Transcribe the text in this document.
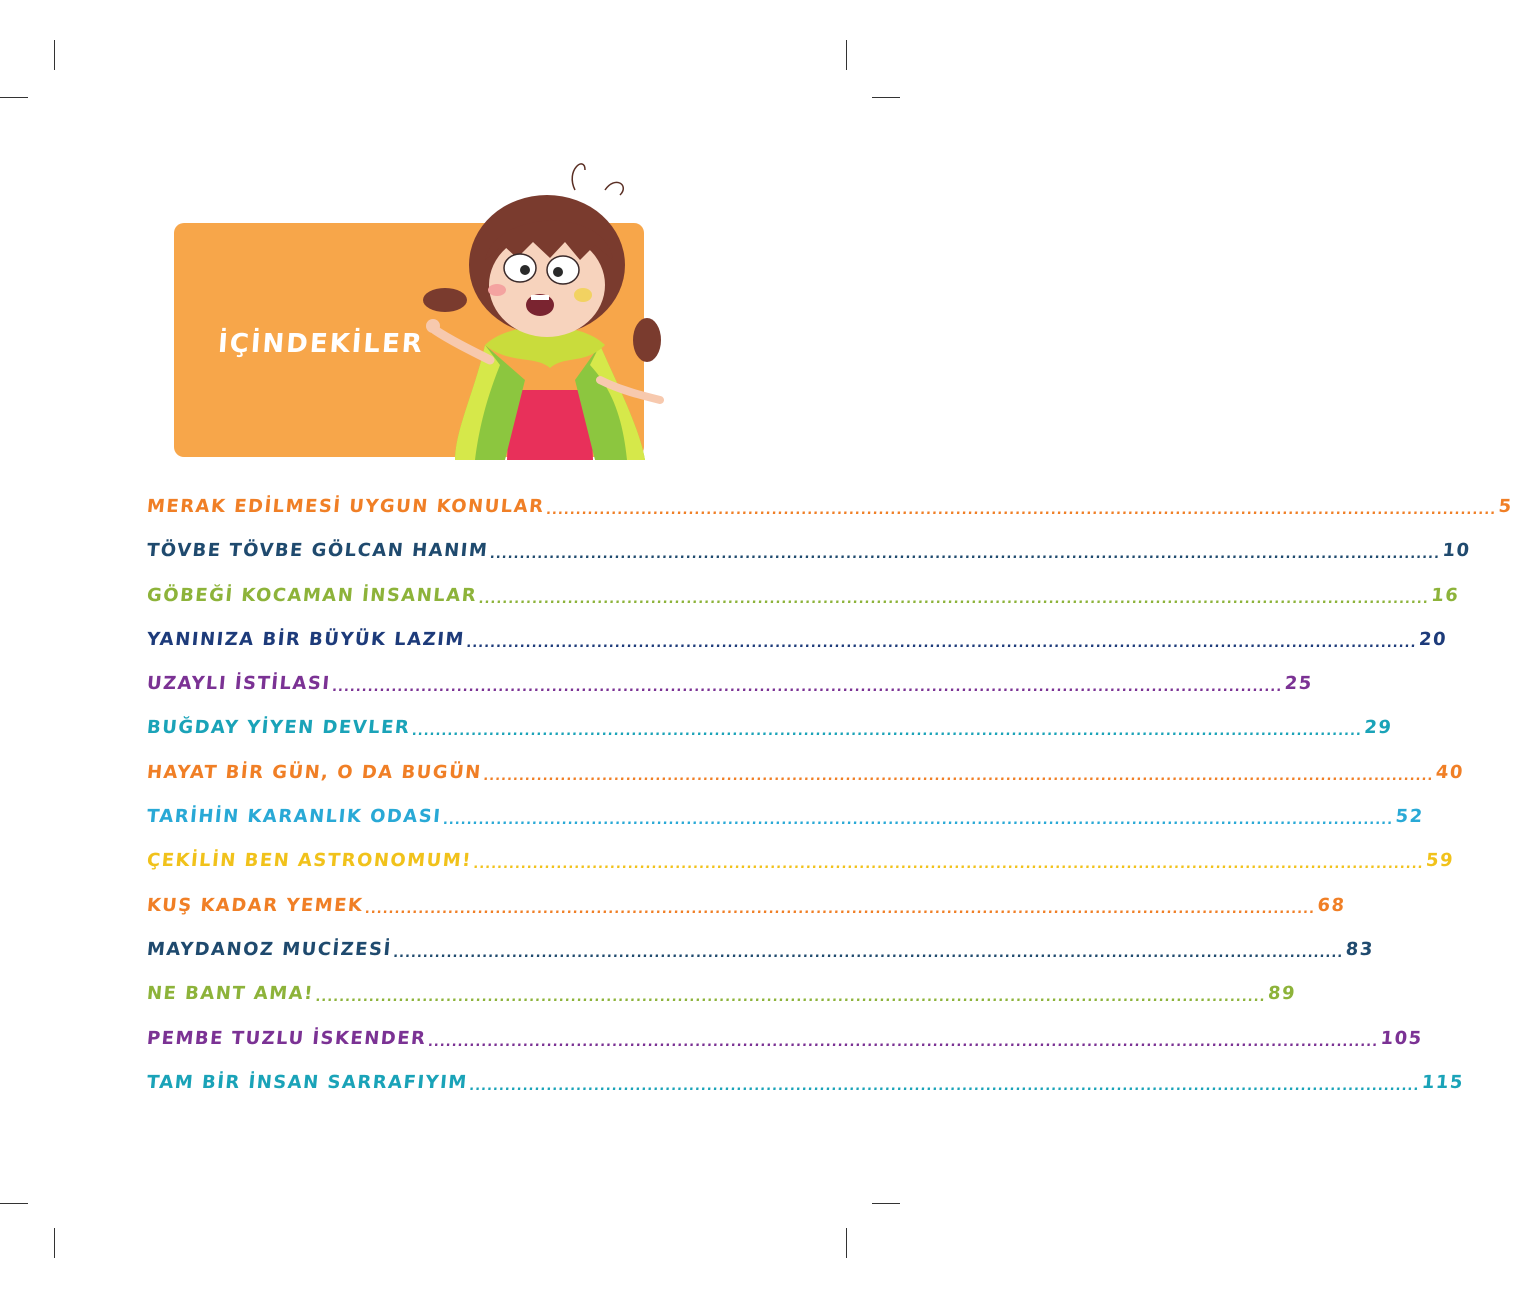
İÇİNDEKİLER
MERAK EDİLMESİ UYGUN KONULAR ................................................................................................................................................................ 5
TÖVBE TÖVBE GÖLCAN HANIM ................................................................................................................................................................ 10
GÖBEĞİ KOCAMAN İNSANLAR ................................................................................................................................................................ 16
YANINIZA BİR BÜYÜK LAZIM ................................................................................................................................................................ 20
UZAYLI İSTİLASI ................................................................................................................................................................ 25
BUĞDAY YİYEN DEVLER ................................................................................................................................................................ 29
HAYAT BİR GÜN, O DA BUGÜN ................................................................................................................................................................ 40
TARİHİN KARANLIK ODASI ................................................................................................................................................................ 52
ÇEKİLİN BEN ASTRONOMUM! ................................................................................................................................................................ 59
KUŞ KADAR YEMEK ................................................................................................................................................................ 68
MAYDANOZ MUCİZESİ ................................................................................................................................................................ 83
NE BANT AMA! ................................................................................................................................................................ 89
PEMBE TUZLU İSKENDER ................................................................................................................................................................ 105
TAM BİR İNSAN SARRAFIYIM ................................................................................................................................................................ 115
